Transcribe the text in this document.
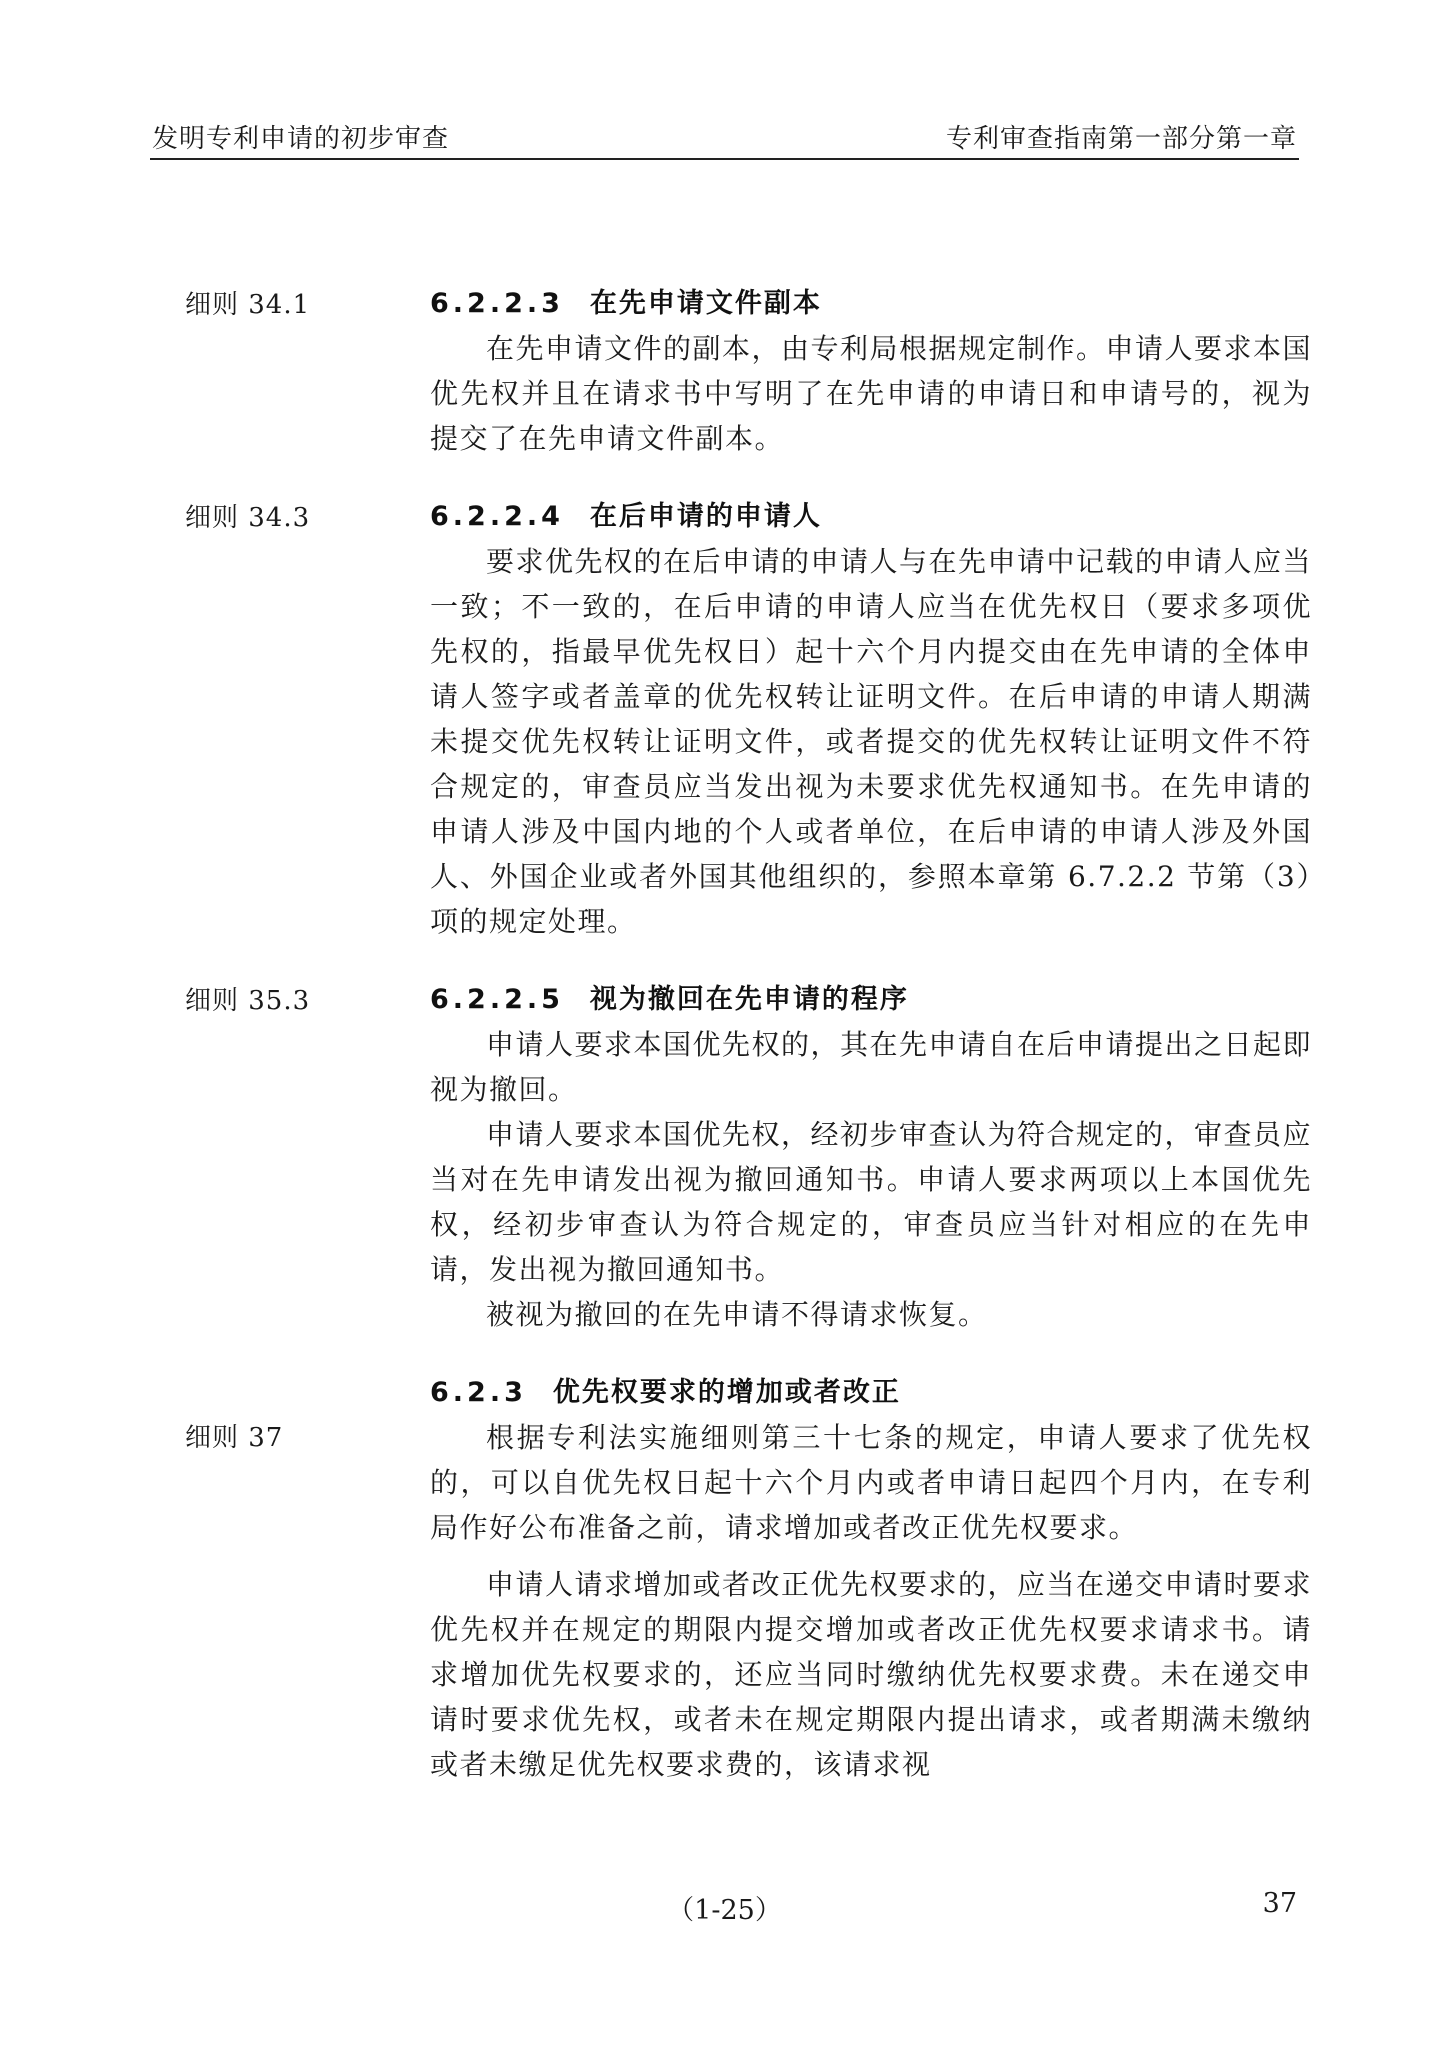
发明专利申请的初步审查	专利审查指南第一部分第一章
细则 34.1	6.2.2.3 在先申请文件副本

在先申请文件的副本，由专利局根据规定制作。申请人要求本国优先权并且在请求书中写明了在先申请的申请日和申请号的，视为提交了在先申请文件副本。

细则 34.3	6.2.2.4 在后申请的申请人

要求优先权的在后申请的申请人与在先申请中记载的申请人应当一致；不一致的，在后申请的申请人应当在优先权日（要求多项优先权的，指最早优先权日）起十六个月内提交由在先申请的全体申请人签字或者盖章的优先权转让证明文件。在后申请的申请人期满未提交优先权转让证明文件，或者提交的优先权转让证明文件不符合规定的，审查员应当发出视为未要求优先权通知书。在先申请的申请人涉及中国内地的个人或者单位，在后申请的申请人涉及外国人、外国企业或者外国其他组织的，参照本章第 6.7.2.2 节第（3）项的规定处理。

细则 35.3	6.2.2.5 视为撤回在先申请的程序

申请人要求本国优先权的，其在先申请自在后申请提出之日起即视为撤回。

申请人要求本国优先权，经初步审查认为符合规定的，审查员应当对在先申请发出视为撤回通知书。申请人要求两项以上本国优先权，经初步审查认为符合规定的，审查员应当针对相应的在先申请，发出视为撤回通知书。

被视为撤回的在先申请不得请求恢复。

6.2.3 优先权要求的增加或者改正
细则 37	根据专利法实施细则第三十七条的规定，申请人要求了优先权的，可以自优先权日起十六个月内或者申请日起四个月内，在专利局作好公布准备之前，请求增加或者改正优先权要求。

申请人请求增加或者改正优先权要求的，应当在递交申请时要求优先权并在规定的期限内提交增加或者改正优先权要求请求书。请求增加优先权要求的，还应当同时缴纳优先权要求费。未在递交申请时要求优先权，或者未在规定期限内提出请求，或者期满未缴纳或者未缴足优先权要求费的，该请求视

（1-25）	37
